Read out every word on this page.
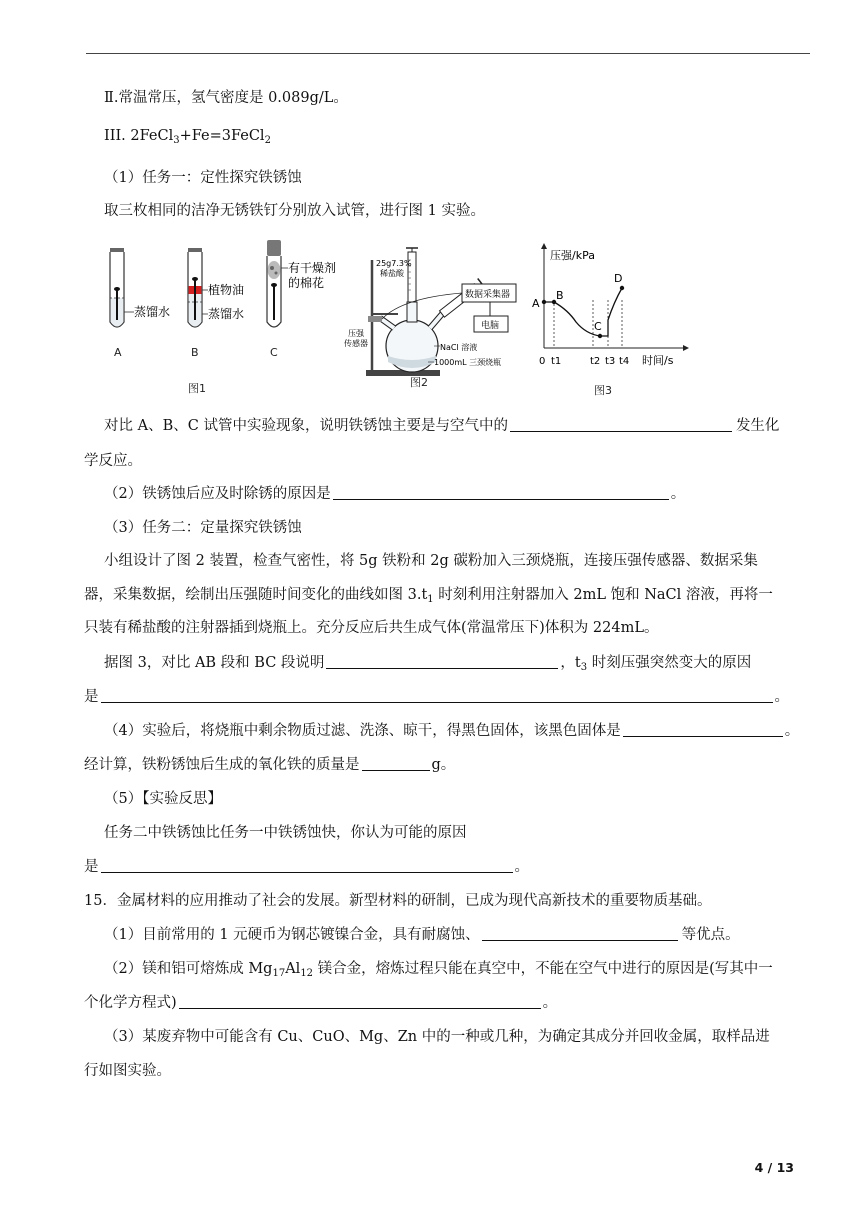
Ⅱ.常温常压，氢气密度是 0.089g/L。
III. 2FeCl$_3$+Fe=3FeCl$_2$
（1）任务一：定性探究铁锈蚀
取三枚相同的洁净无锈铁钉分别放入试管，进行图 1 实验。
蒸馏水
A
植物油
蒸馏水
B
有干燥剂
的棉花
C
图1
数据采集器
电脑
25g7.3%
稀盐酸
压强
传感器	NaCl 溶液
1000mL 三颈烧瓶
图2
压强/kPa
时间/s
0 t1	t2 t3 t4
A
B
C
D
图3
对比 A、B、C 试管中实验现象，说明铁锈蚀主要是与空气中的	发生化
学反应。
（2）铁锈蚀后应及时除锈的原因是	。
（3）任务二：定量探究铁锈蚀
小组设计了图 2 装置，检查气密性，将 5g 铁粉和 2g 碳粉加入三颈烧瓶，连接压强传感器、数据采集
器，采集数据，绘制出压强随时间变化的曲线如图 $3.t_1$ 时刻利用注射器加入 2mL 饱和 NaCl 溶液，再将一
只装有稀盐酸的注射器插到烧瓶上。充分反应后共生成气体(常温常压下)体积为 224mL。
据图 3，对比 AB 段和 BC 段说明	，$t_3$ 时刻压强突然变大的原因
是	。
（4）实验后，将烧瓶中剩余物质过滤、洗涤、晾干，得黑色固体，该黑色固体是	。
经计算，铁粉锈蚀后生成的氧化铁的质量是	g。
（5）【实验反思】
任务二中铁锈蚀比任务一中铁锈蚀快，你认为可能的原因
是	。
15．金属材料的应用推动了社会的发展。新型材料的研制，已成为现代高新技术的重要物质基础。
（1）目前常用的 1 元硬币为钢芯镀镍合金，具有耐腐蚀、	等优点。
（2）镁和铝可熔炼成 $Mg_{17}Al_{12}$ 镁合金，熔炼过程只能在真空中，不能在空气中进行的原因是(写其中一
个化学方程式)	。
（3）某废弃物中可能含有 Cu、CuO、Mg、Zn 中的一种或几种，为确定其成分并回收金属，取样品进
行如图实验。
4 / 13
